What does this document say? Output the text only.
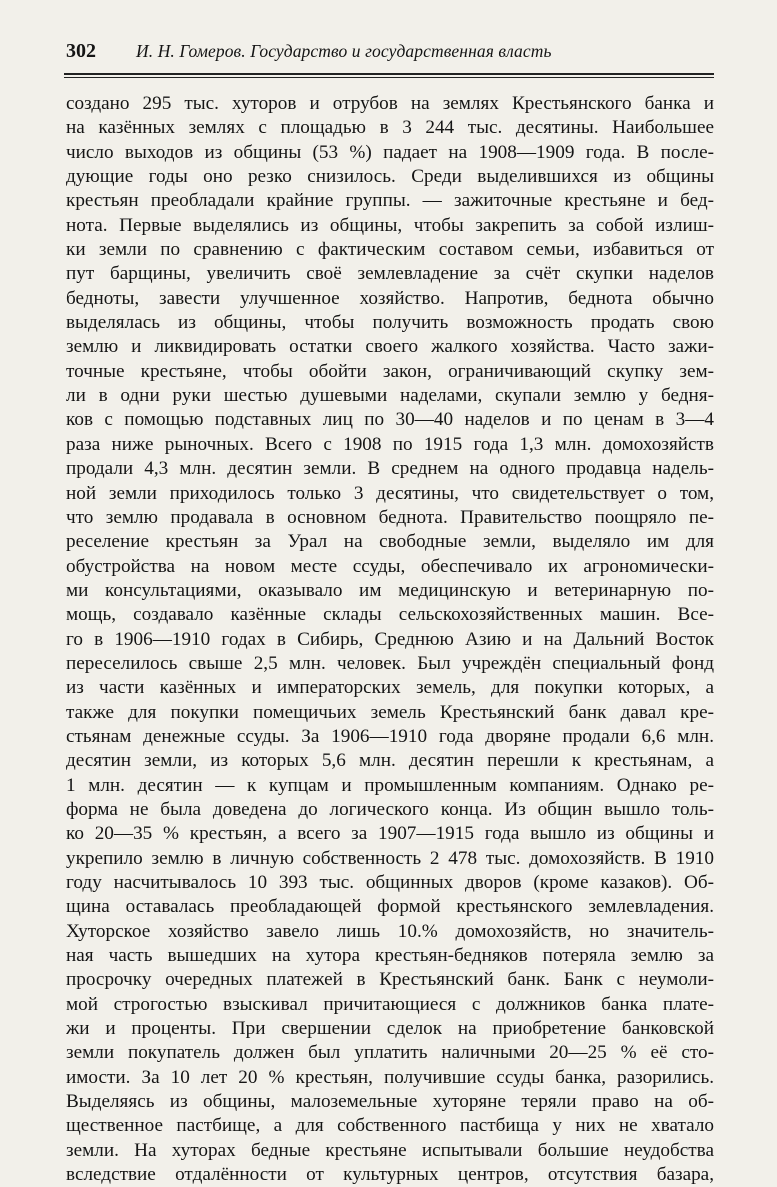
302	И. Н. Гомеров. Государство и государственная власть
создано 295 тыс. хуторов и отрубов на землях Крестьянского банка и
на казённых землях с площадью в 3 244 тыс. десятины. Наибольшее
число выходов из общины (53 %) падает на 1908—1909 года. В после-
дующие годы оно резко снизилось. Среди выделившихся из общины
крестьян преобладали крайние группы. — зажиточные крестьяне и бед-
нота. Первые выделялись из общины, чтобы закрепить за собой излиш-
ки земли по сравнению с фактическим составом семьи, избавиться от
пут барщины, увеличить своё землевладение за счёт скупки наделов
бедноты, завести улучшенное хозяйство. Напротив, беднота обычно
выделялась из общины, чтобы получить возможность продать свою
землю и ликвидировать остатки своего жалкого хозяйства. Часто зажи-
точные крестьяне, чтобы обойти закон, ограничивающий скупку зем-
ли в одни руки шестью душевыми наделами, скупали землю у бедня-
ков с помощью подставных лиц по 30—40 наделов и по ценам в 3—4
раза ниже рыночных. Всего с 1908 по 1915 года 1,3 млн. домохозяйств
продали 4,3 млн. десятин земли. В среднем на одного продавца надель-
ной земли приходилось только 3 десятины, что свидетельствует о том,
что землю продавала в основном беднота. Правительство поощряло пе-
реселение крестьян за Урал на свободные земли, выделяло им для
обустройства на новом месте ссуды, обеспечивало их агрономически-
ми консультациями, оказывало им медицинскую и ветеринарную по-
мощь, создавало казённые склады сельскохозяйственных машин. Все-
го в 1906—1910 годах в Сибирь, Среднюю Азию и на Дальний Восток
переселилось свыше 2,5 млн. человек. Был учреждён специальный фонд
из части казённых и императорских земель, для покупки которых, а
также для покупки помещичьих земель Крестьянский банк давал кре-
стьянам денежные ссуды. За 1906—1910 года дворяне продали 6,6 млн.
десятин земли, из которых 5,6 млн. десятин перешли к крестьянам, а
1 млн. десятин — к купцам и промышленным компаниям. Однако ре-
форма не была доведена до логического конца. Из общин вышло толь-
ко 20—35 % крестьян, а всего за 1907—1915 года вышло из общины и
укрепило землю в личную собственность 2 478 тыс. домохозяйств. В 1910
году насчитывалось 10 393 тыс. общинных дворов (кроме казаков). Об-
щина оставалась преобладающей формой крестьянского землевладения.
Хуторское хозяйство завело лишь 10.% домохозяйств, но значитель-
ная часть вышедших на хутора крестьян-бедняков потеряла землю за
просрочку очередных платежей в Крестьянский банк. Банк с неумоли-
мой строгостью взыскивал причитающиеся с должников банка плате-
жи и проценты. При свершении сделок на приобретение банковской
земли покупатель должен был уплатить наличными 20—25 % её сто-
имости. За 10 лет 20 % крестьян, получившие ссуды банка, разорились.
Выделяясь из общины, малоземельные хуторяне теряли право на об-
щественное пастбище, а для собственного пастбища у них не хватало
земли. На хуторах бедные крестьяне испытывали большие неудобства
вследствие отдалённости от культурных центров, отсутствия базара,
